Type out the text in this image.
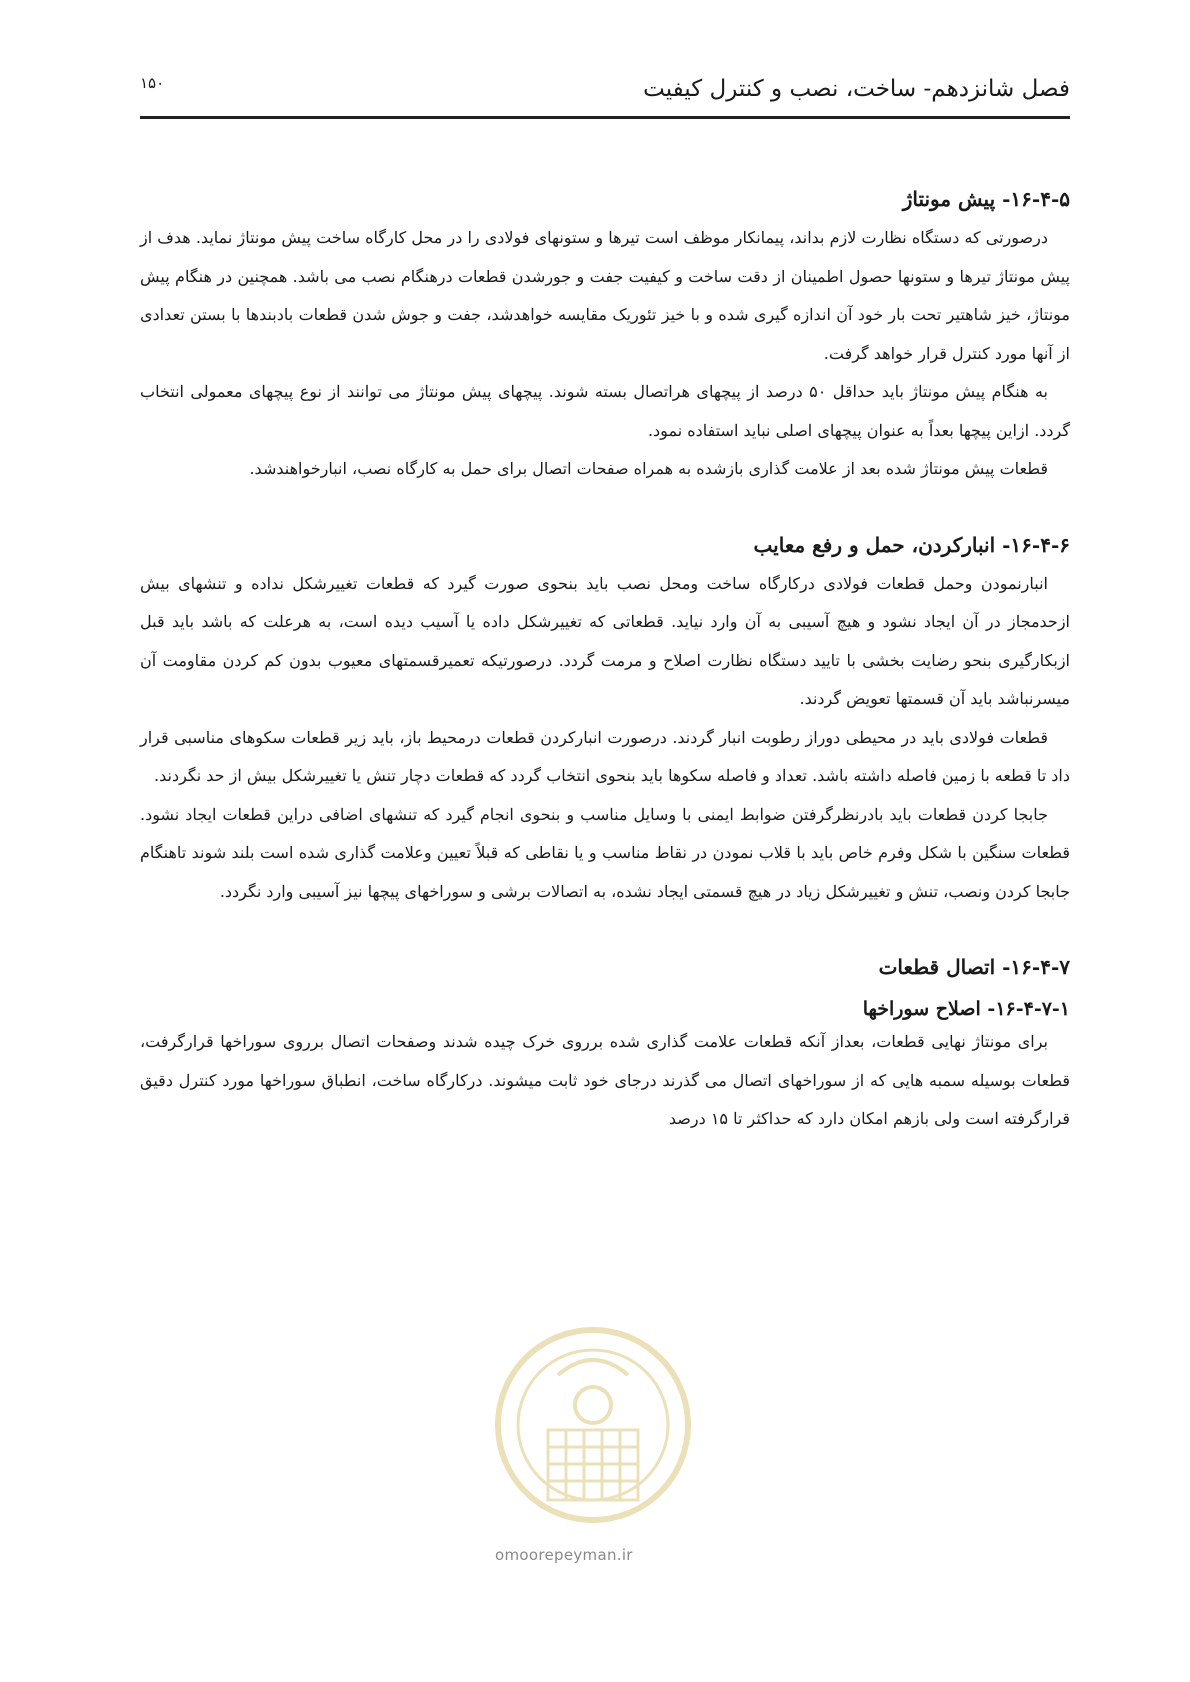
فصل شانزدهم- ساخت، نصب و کنترل کیفیت
۱۵۰
۱۶-۴-۵- پیش مونتاژ

درصورتی که دستگاه نظارت لازم بداند، پیمانکار موظف است تیرها و ستونهای فولادی را در محل کارگاه ساخت پیش مونتاژ نماید. هدف از پیش مونتاژ تیرها و ستونها حصول اطمینان از دقت ساخت و کیفیت جفت و جورشدن قطعات درهنگام نصب می باشد. همچنین در هنگام پیش مونتاژ، خیز شاهتیر تحت بار خود آن اندازه گیری شده و با خیز تئوریک مقایسه خواهدشد، جفت و جوش شدن قطعات بادبندها با بستن تعدادی از آنها مورد کنترل قرار خواهد گرفت.

به هنگام پیش مونتاژ باید حداقل ۵۰ درصد از پیچهای هراتصال بسته شوند. پیچهای پیش مونتاژ می توانند از نوع پیچهای معمولی انتخاب گردد. ازاین پیچها بعداً به عنوان پیچهای اصلی نباید استفاده نمود.

قطعات پیش مونتاژ شده بعد از علامت گذاری بازشده به همراه صفحات اتصال برای حمل به کارگاه نصب، انبارخواهندشد.

۱۶-۴-۶- انبارکردن، حمل و رفع معایب

انبارنمودن وحمل قطعات فولادی درکارگاه ساخت ومحل نصب باید بنحوی صورت گیرد که قطعات تغییرشکل نداده و تنشهای بیش ازحدمجاز در آن ایجاد نشود و هیچ آسیبی به آن وارد نیاید. قطعاتی که تغییرشکل داده یا آسیب دیده است، به هرعلت که باشد باید قبل ازبکارگیری بنحو رضایت بخشی با تایید دستگاه نظارت اصلاح و مرمت گردد. درصورتیکه تعمیرقسمتهای معیوب بدون کم کردن مقاومت آن میسرنباشد باید آن قسمتها تعویض گردند.

قطعات فولادی باید در محیطی دوراز رطوبت انبار گردند. درصورت انبارکردن قطعات درمحیط باز، باید زیر قطعات سکوهای مناسبی قرار داد تا قطعه با زمین فاصله داشته باشد. تعداد و فاصله سکوها باید بنحوی انتخاب گردد که قطعات دچار تنش یا تغییرشکل بیش از حد نگردند.

جابجا کردن قطعات باید بادرنظرگرفتن ضوابط ایمنی با وسایل مناسب و بنحوی انجام گیرد که تنشهای اضافی دراین قطعات ایجاد نشود. قطعات سنگین با شکل وفرم خاص باید با قلاب نمودن در نقاط مناسب و یا نقاطی که قبلاً تعیین وعلامت گذاری شده است بلند شوند تاهنگام جابجا کردن ونصب، تنش و تغییرشکل زیاد در هیچ قسمتی ایجاد نشده، به اتصالات برشی و سوراخهای پیچها نیز آسیبی وارد نگردد.

۱۶-۴-۷- اتصال قطعات
۱۶-۴-۷-۱- اصلاح سوراخها

برای مونتاژ نهایی قطعات، بعداز آنکه قطعات علامت گذاری شده برروی خرک چیده شدند وصفحات اتصال برروی سوراخها قرارگرفت، قطعات بوسیله سمبه هایی که از سوراخهای اتصال می گذرند درجای خود ثابت میشوند. درکارگاه ساخت، انطباق سوراخها مورد کنترل دقیق قرارگرفته است ولی بازهم امکان دارد که حداکثر تا ۱۵ درصد

omoorepeyman.ir
